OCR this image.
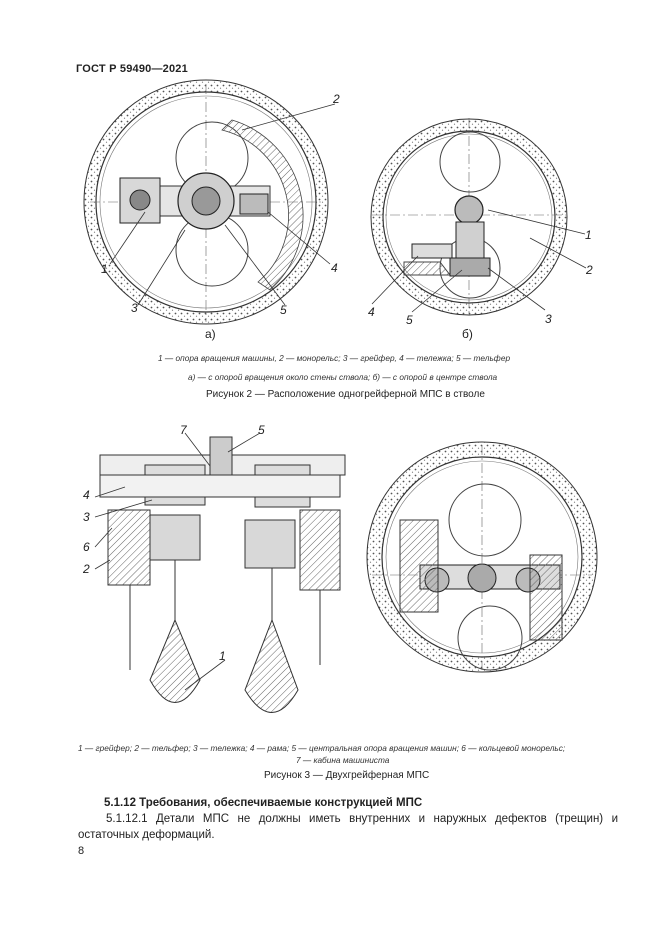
ГОСТ Р 59490—2021
2
1
3
4
5
1
2
3
4
5
а)	б)
1 — опора вращения машины, 2 — монорельс; 3 — грейфер, 4 — тележка; 5 — тельфер
а) — с опорой вращения около стены ствола; б) — с опорой в центре ствола
Рисунок 2 — Расположение одногрейферной МПС в стволе
7	5
4
3
6
2
1
1 — грейфер; 2 — тельфер; 3 — тележка; 4 — рама; 5 — центральная опора вращения машин; 6 — кольцевой монорельс;
7 — кабина машиниста
Рисунок 3 — Двухгрейферная МПС
5.1.12 Требования, обеспечиваемые конструкцией МПС
5.1.12.1 Детали МПС не должны иметь внутренних и наружных дефектов (трещин) и остаточных деформаций.
8
